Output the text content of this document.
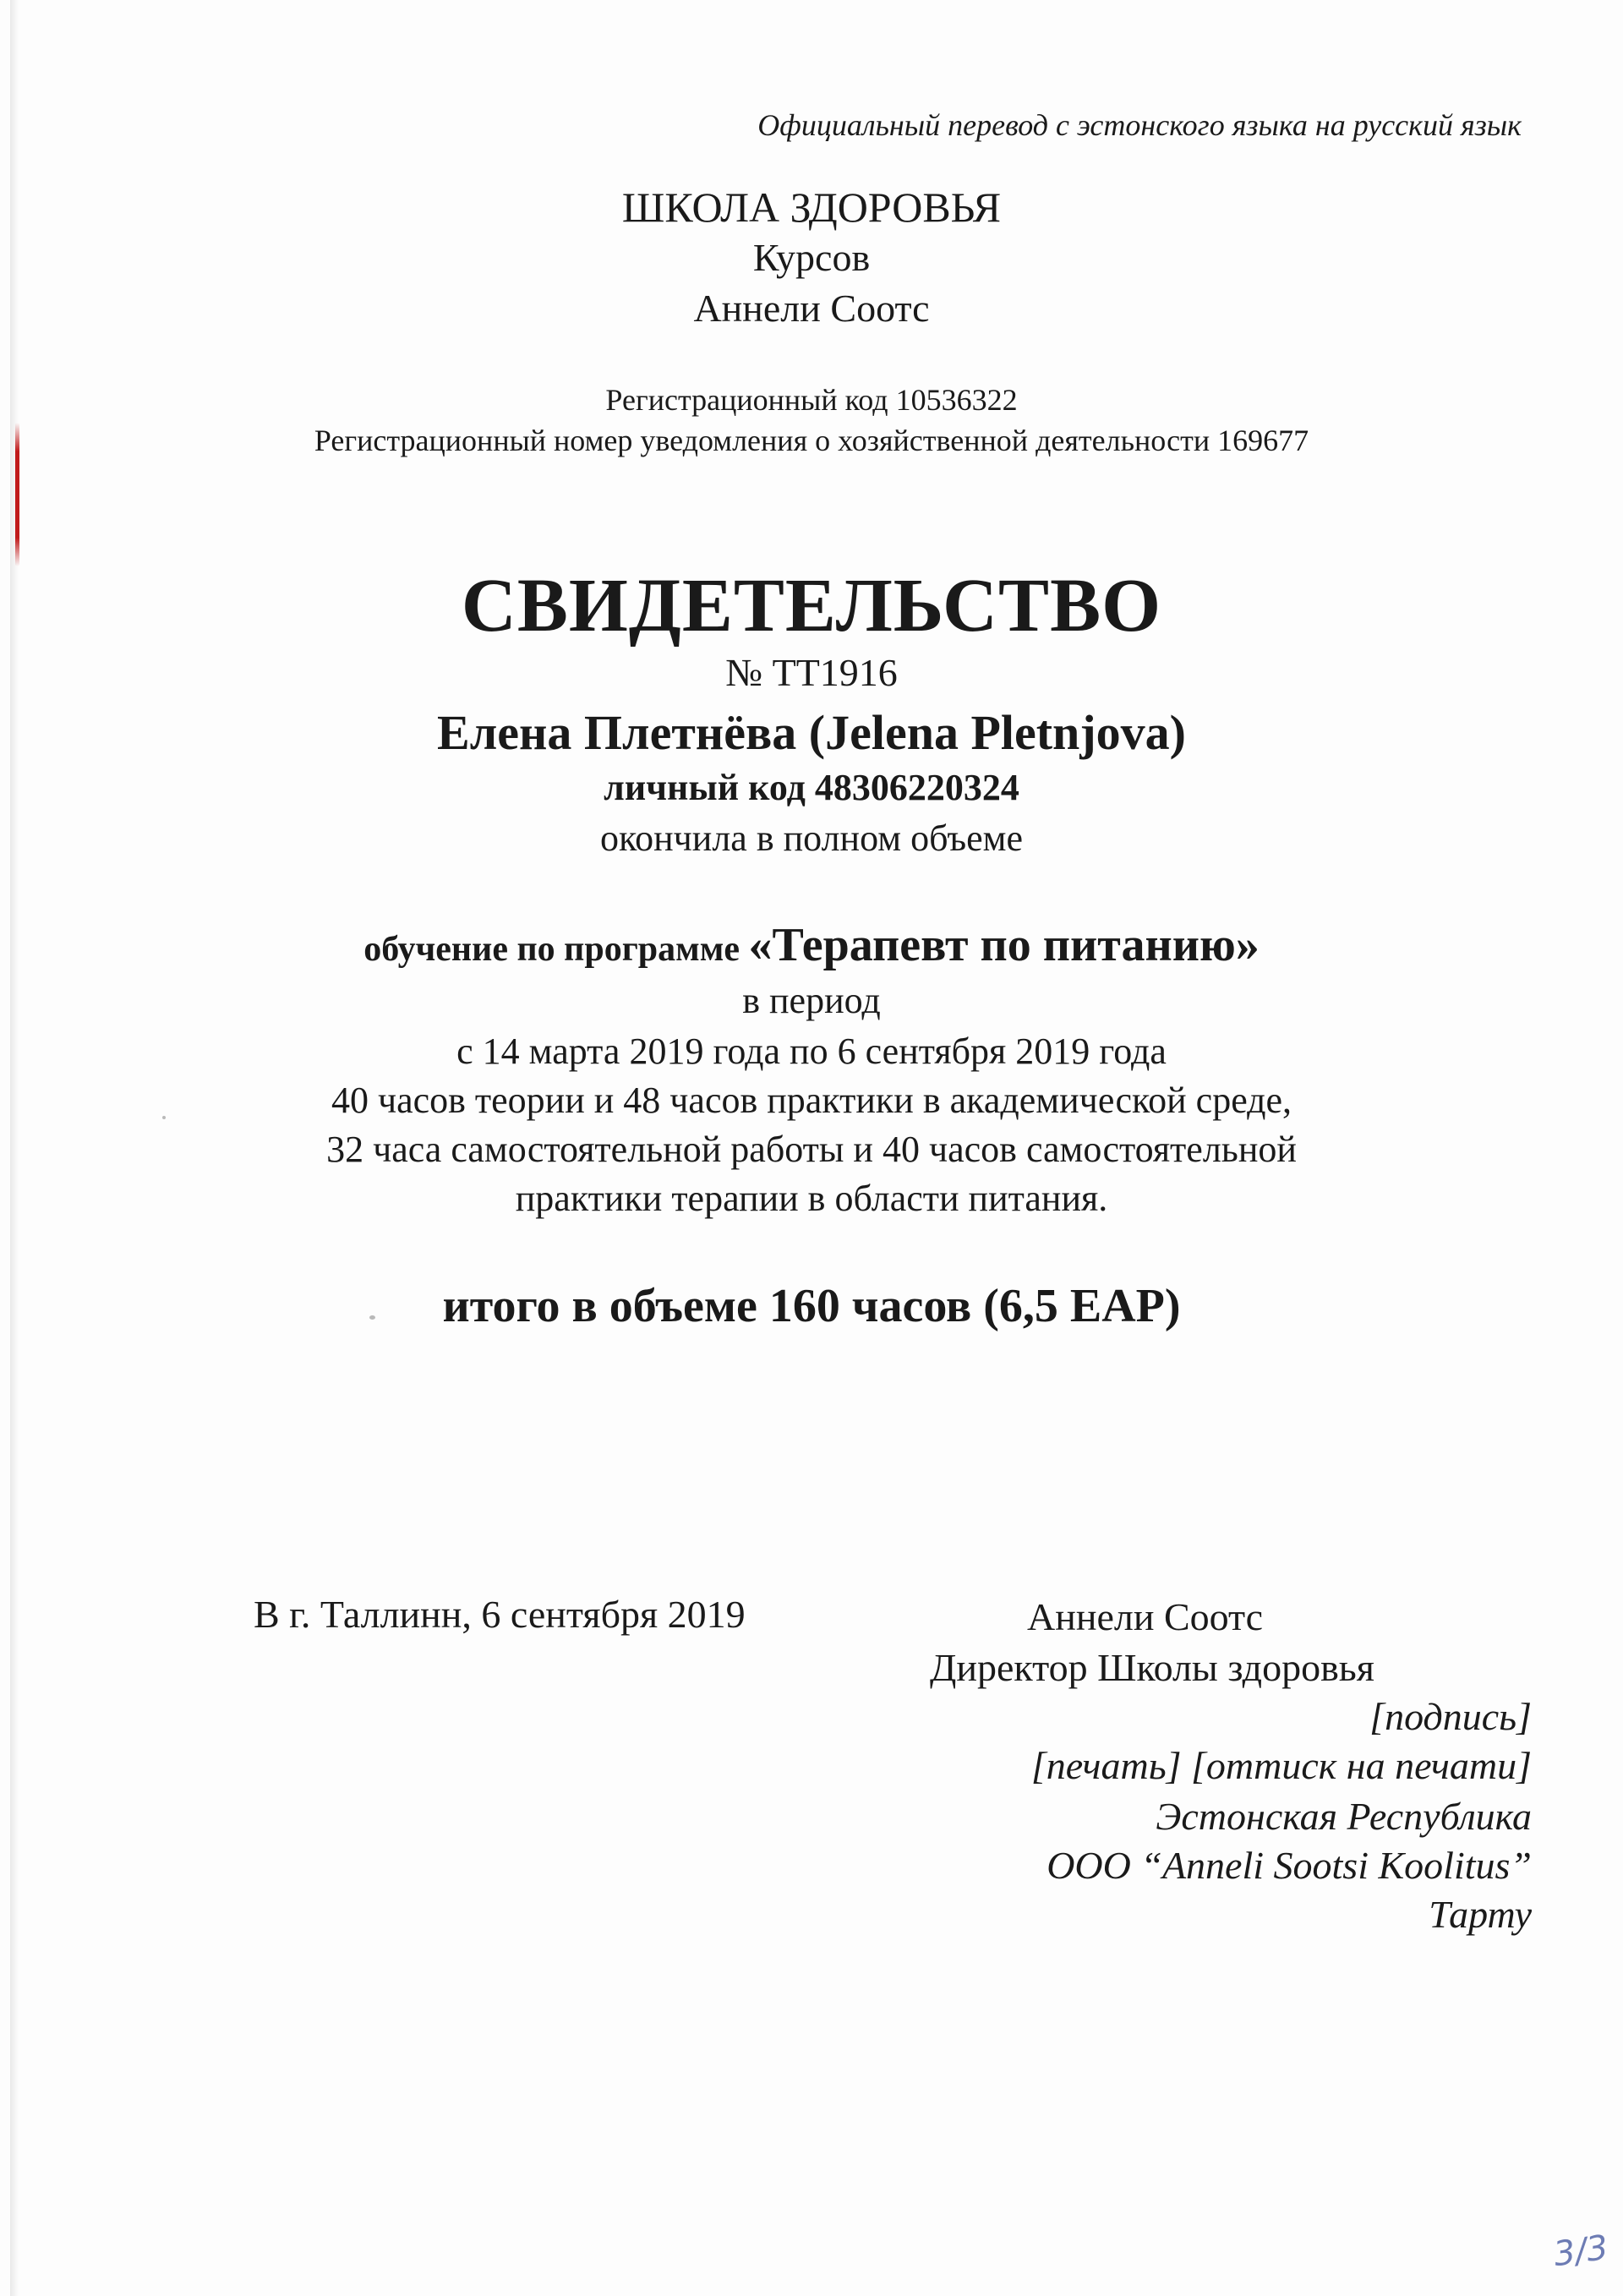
Официальный перевод с эстонского языка на русский язык
ШКОЛА ЗДОРОВЬЯ
Курсов
Аннели Соотс
Регистрационный код 10536322
Регистрационный номер уведомления о хозяйственной деятельности 169677
СВИДЕТЕЛЬСТВО
№ ТТ1916
Елена Плетнёва (Jelena Pletnjova)
личный код 48306220324
окончила в полном объеме
обучение по программе «Терапевт по питанию»
в период
с 14 марта 2019 года по 6 сентября 2019 года
40 часов теории и 48 часов практики в академической среде,
32 часа самостоятельной работы и 40 часов самостоятельной
практики терапии в области питания.
итого в объеме 160 часов (6,5 ЕАР)
В г. Таллинн, 6 сентября 2019	Аннели Соотс
Директор Школы здоровья
[подпись]
[печать] [оттиск на печати]
Эстонская Республика
ООО “Anneli Sootsi Koolitus”
Тарту
3/3
